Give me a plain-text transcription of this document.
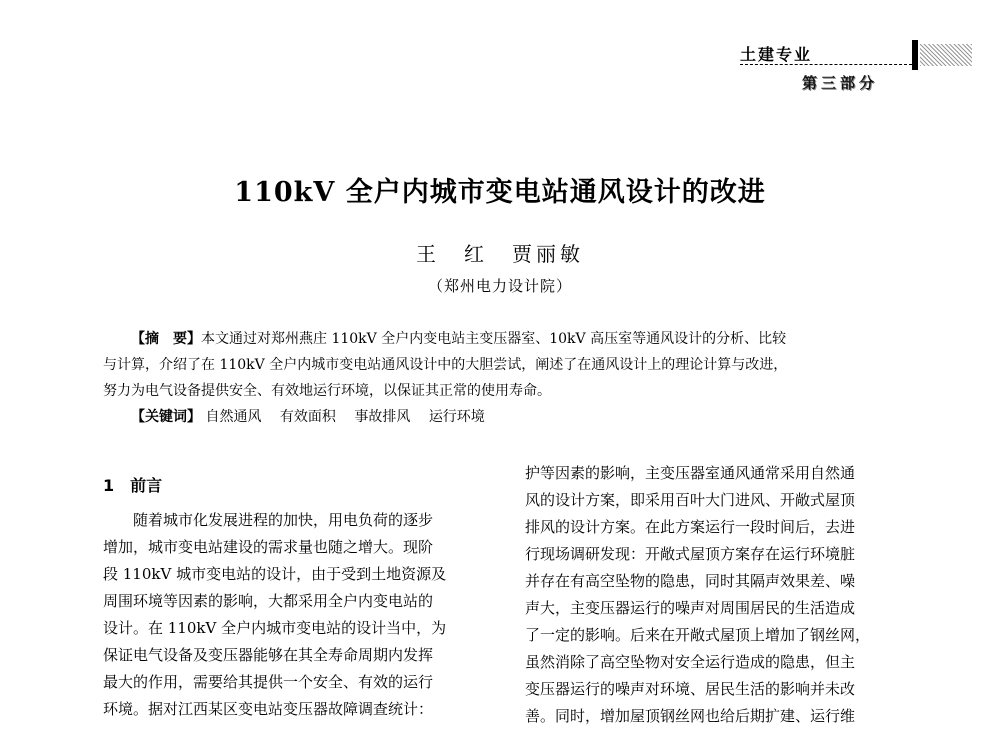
土建专业
第三部分
110kV 全户内城市变电站通风设计的改进
王　红　贾丽敏
（郑州电力设计院）
【摘　要】本文通过对郑州燕庄 110kV 全户内变电站主变压器室、10kV 高压室等通风设计的分析、比较
与计算，介绍了在 110kV 全户内城市变电站通风设计中的大胆尝试，阐述了在通风设计上的理论计算与改进，
努力为电气设备提供安全、有效地运行环境，以保证其正常的使用寿命。
【关键词】 自然通风 有效面积 事故排风 运行环境
1 前言
随着城市化发展进程的加快，用电负荷的逐步
增加，城市变电站建设的需求量也随之增大。现阶
段 110kV 城市变电站的设计，由于受到土地资源及
周围环境等因素的影响，大都采用全户内变电站的
设计。在 110kV 全户内城市变电站的设计当中，为
保证电气设备及变压器能够在其全寿命周期内发挥
最大的作用，需要给其提供一个安全、有效的运行
环境。据对江西某区变电站变压器故障调查统计：
护等因素的影响，主变压器室通风通常采用自然通
风的设计方案，即采用百叶大门进风、开敞式屋顶
排风的设计方案。在此方案运行一段时间后，去进
行现场调研发现：开敞式屋顶方案存在运行环境脏
并存在有高空坠物的隐患，同时其隔声效果差、噪
声大，主变压器运行的噪声对周围居民的生活造成
了一定的影响。后来在开敞式屋顶上增加了钢丝网，
虽然消除了高空坠物对安全运行造成的隐患，但主
变压器运行的噪声对环境、居民生活的影响并未改
善。同时，增加屋顶钢丝网也给后期扩建、运行维
